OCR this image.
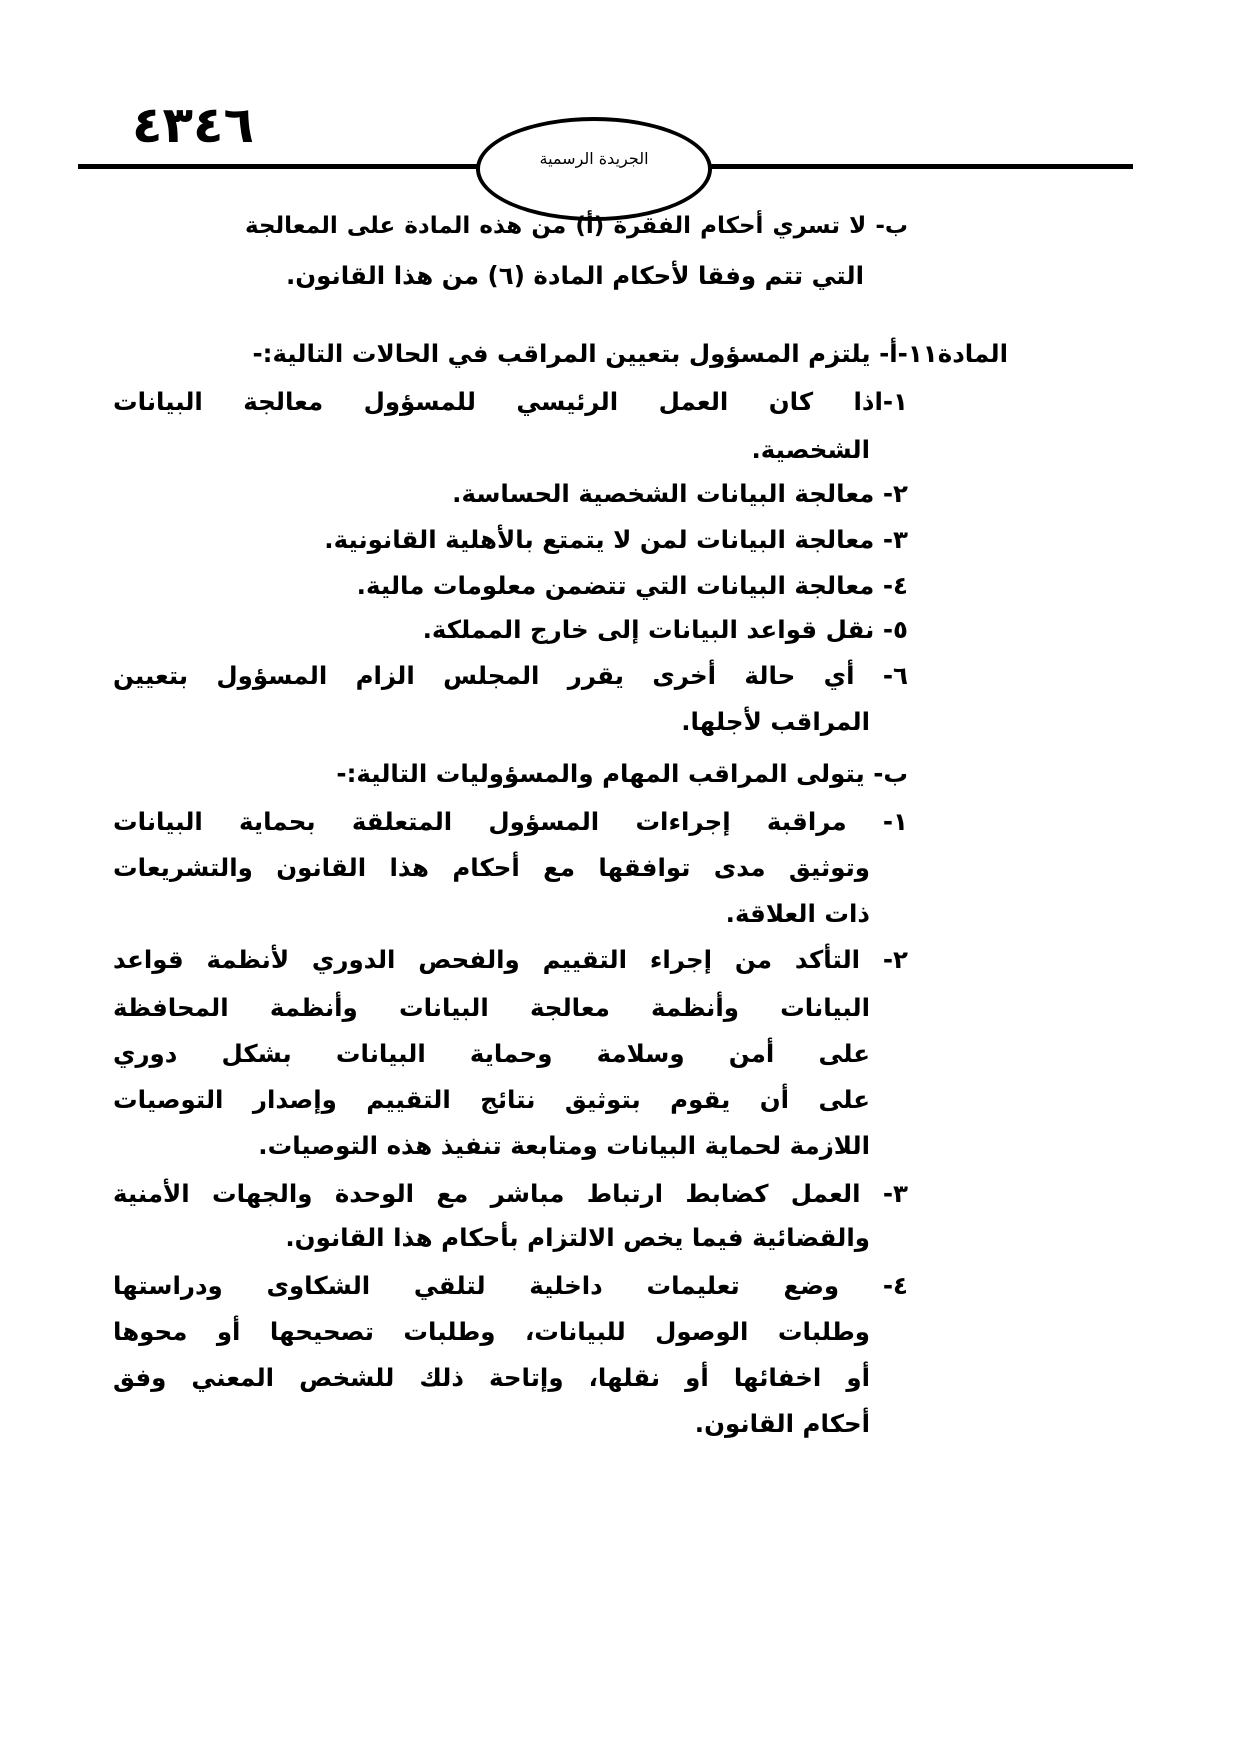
٤٣٤٦
الجريدة الرسمية
ب- لا تسري أحكام الفقرة (أ) من هذه المادة على المعالجة
التي تتم وفقا لأحكام المادة (٦) من هذا القانون.
المادة١١-أ- يلتزم المسؤول بتعيين المراقب في الحالات التالية:-
١-اذا كان العمل الرئيسي للمسؤول معالجة البيانات
الشخصية.
٢- معالجة البيانات الشخصية الحساسة.
٣- معالجة البيانات لمن لا يتمتع بالأهلية القانونية.
٤- معالجة البيانات التي تتضمن معلومات مالية.
٥- نقل قواعد البيانات إلى خارج المملكة.
٦- أي حالة أخرى يقرر المجلس الزام المسؤول بتعيين
المراقب لأجلها.
ب- يتولى المراقب المهام والمسؤوليات التالية:-
١- مراقبة إجراءات المسؤول المتعلقة بحماية البيانات
وتوثيق مدى توافقها مع أحكام هذا القانون والتشريعات
ذات العلاقة.
٢- التأكد من إجراء التقييم والفحص الدوري لأنظمة قواعد
البيانات وأنظمة معالجة البيانات وأنظمة المحافظة
على أمن وسلامة وحماية البيانات بشكل دوري
على أن يقوم بتوثيق نتائج التقييم وإصدار التوصيات
اللازمة لحماية البيانات ومتابعة تنفيذ هذه التوصيات.
٣- العمل كضابط ارتباط مباشر مع الوحدة والجهات الأمنية
والقضائية فيما يخص الالتزام بأحكام هذا القانون.
٤- وضع تعليمات داخلية لتلقي الشكاوى ودراستها
وطلبات الوصول للبيانات، وطلبات تصحيحها أو محوها
أو اخفائها أو نقلها، وإتاحة ذلك للشخص المعني وفق
أحكام القانون.
